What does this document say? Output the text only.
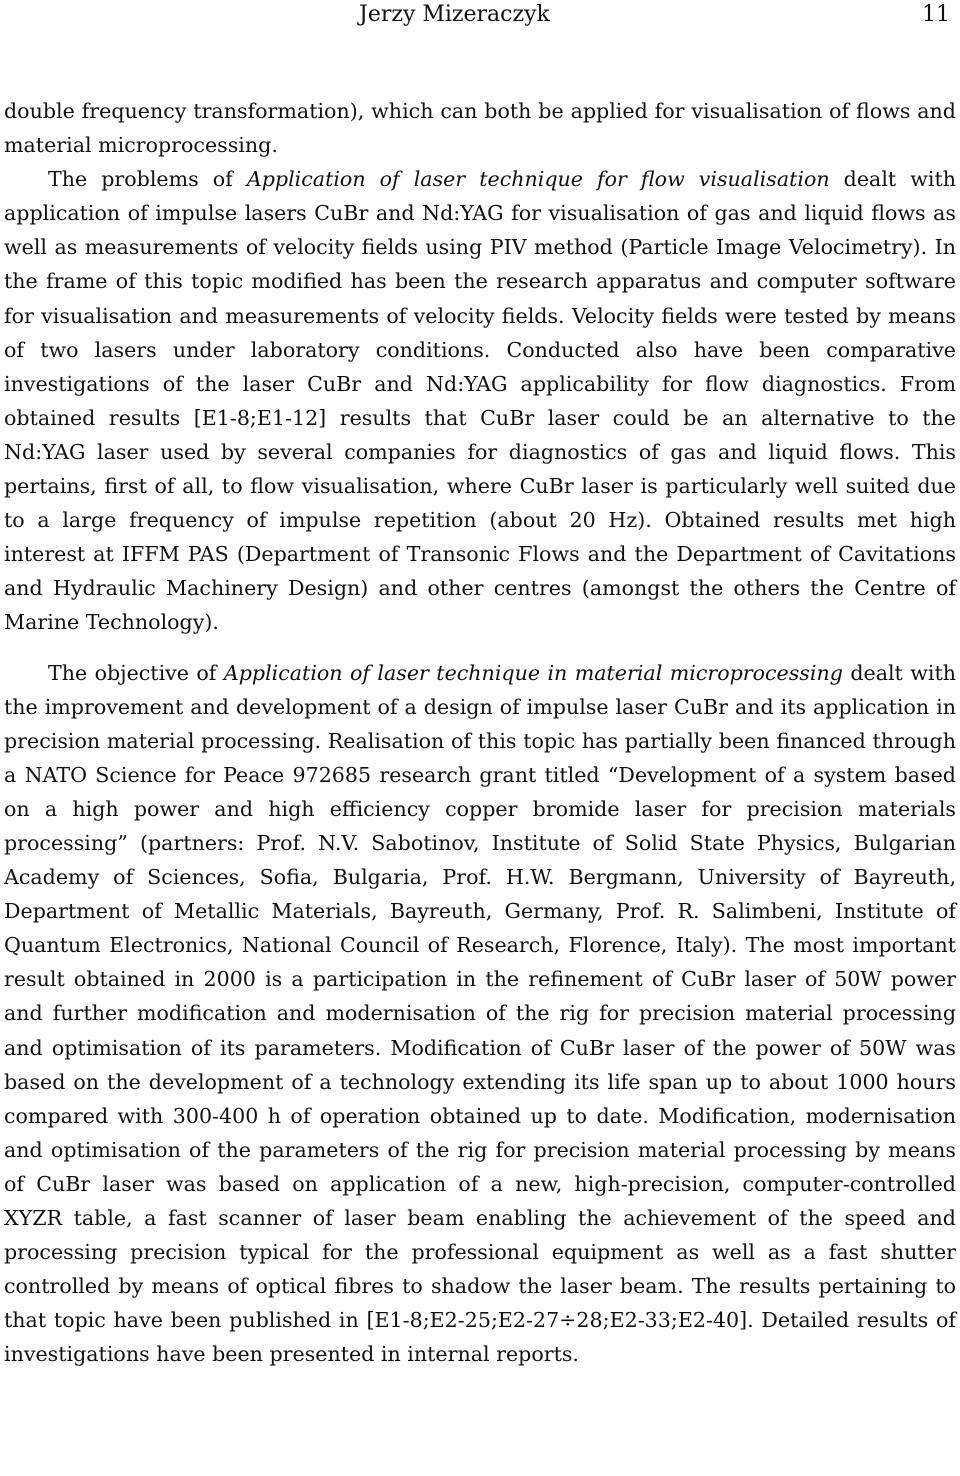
Jerzy Mizeraczyk	11

double frequency transformation), which can both be applied for visualisation of flows and material microprocessing.

The problems of Application of laser technique for flow visualisation dealt with application of impulse lasers CuBr and Nd:YAG for visualisation of gas and liquid flows as well as measurements of velocity fields using PIV method (Particle Image Velocimetry). In the frame of this topic modified has been the research apparatus and computer software for visualisation and measurements of velocity fields. Velocity fields were tested by means of two lasers under laboratory conditions. Conducted also have been comparative investigations of the laser CuBr and Nd:YAG applicability for flow diagnostics. From obtained results [E1-8;E1-12] results that CuBr laser could be an alternative to the Nd:YAG laser used by several companies for diagnostics of gas and liquid flows. This pertains, first of all, to flow visualisation, where CuBr laser is particularly well suited due to a large frequency of impulse repetition (about 20 Hz). Obtained results met high interest at IFFM PAS (Department of Transonic Flows and the Department of Cavitations and Hydraulic Machinery Design) and other centres (amongst the others the Centre of Marine Technology).

The objective of Application of laser technique in material microprocessing dealt with the improvement and development of a design of impulse laser CuBr and its application in precision material processing. Realisation of this topic has partially been financed through a NATO Science for Peace 972685 research grant titled “Development of a system based on a high power and high efficiency copper bromide laser for precision materials processing” (partners: Prof. N.V. Sabotinov, Institute of Solid State Physics, Bulgarian Academy of Sciences, Sofia, Bulgaria, Prof. H.W. Bergmann, University of Bayreuth, Department of Metallic Materials, Bayreuth, Germany, Prof. R. Salimbeni, Institute of Quantum Electronics, National Council of Research, Florence, Italy). The most important result obtained in 2000 is a participation in the refinement of CuBr laser of 50W power and further modification and modernisation of the rig for precision material processing and optimisation of its parameters. Modification of CuBr laser of the power of 50W was based on the development of a technology extending its life span up to about 1000 hours compared with 300-400 h of operation obtained up to date. Modification, modernisation and optimisation of the parameters of the rig for precision material processing by means of CuBr laser was based on application of a new, high-precision, computer-controlled XYZR table, a fast scanner of laser beam enabling the achievement of the speed and processing precision typical for the professional equipment as well as a fast shutter controlled by means of optical fibres to shadow the laser beam. The results pertaining to that topic have been published in [E1-8;E2-25;E2-27÷28;E2-33;E2-40]. Detailed results of investigations have been presented in internal reports.
